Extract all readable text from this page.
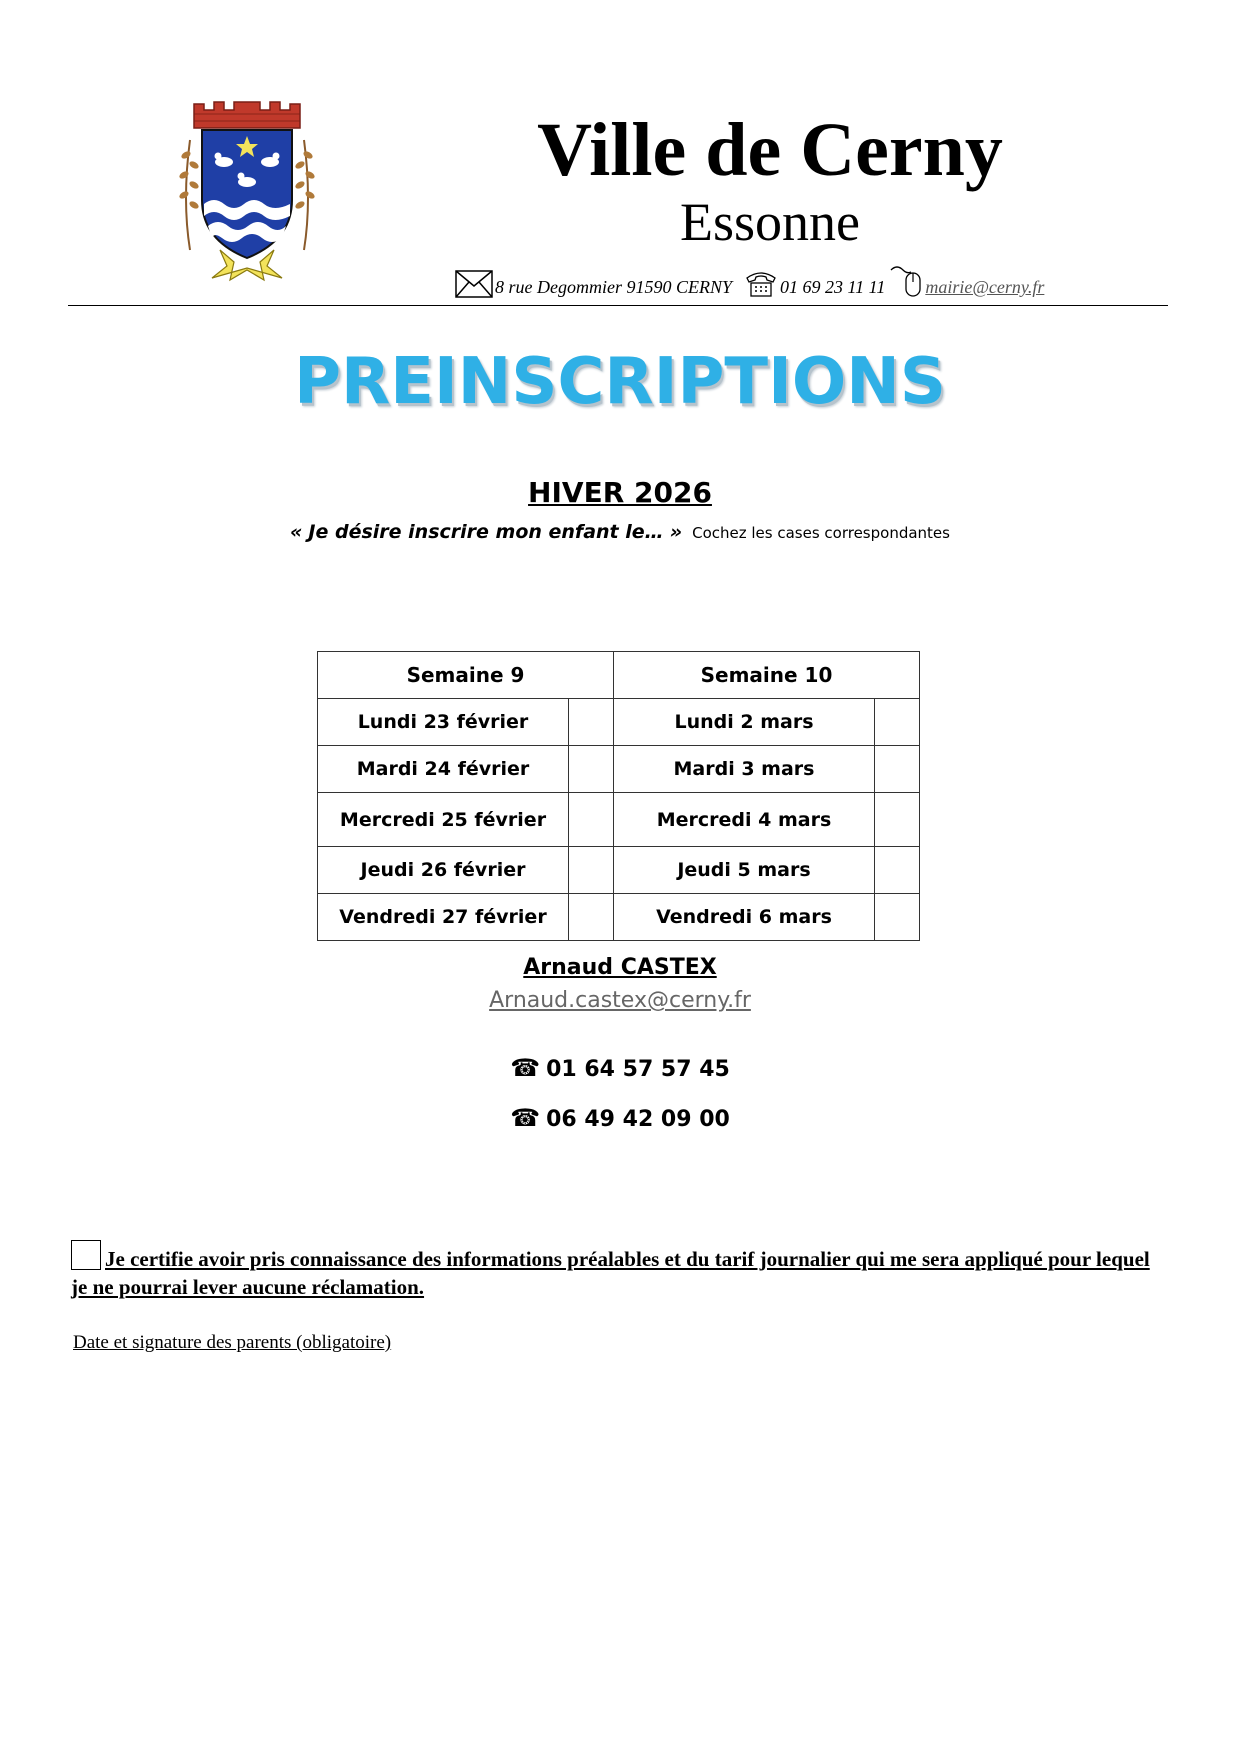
Ville de Cerny
Essonne
8 rue Degommier 91590 CERNY	01 69 23 11 11 mairie@cerny.fr
PREINSCRIPTIONS
HIVER 2026
« Je désire inscrire mon enfant le… » Cochez les cases correspondantes
Semaine 9		Semaine 10	
Lundi 23 février		Lundi 2 mars	
Mardi 24 février		Mardi 3 mars	
Mercredi 25 février		Mercredi 4 mars	
Jeudi 26 février		Jeudi 5 mars	
Vendredi 27 février		Vendredi 6 mars	
Arnaud CASTEX
Arnaud.castex@cerny.fr
☎ 01 64 57 57 45
☎ 06 49 42 09 00
Je certifie avoir pris connaissance des informations préalables et du tarif journalier qui me sera appliqué pour lequel je ne pourrai lever aucune réclamation.
Date et signature des parents (obligatoire)
